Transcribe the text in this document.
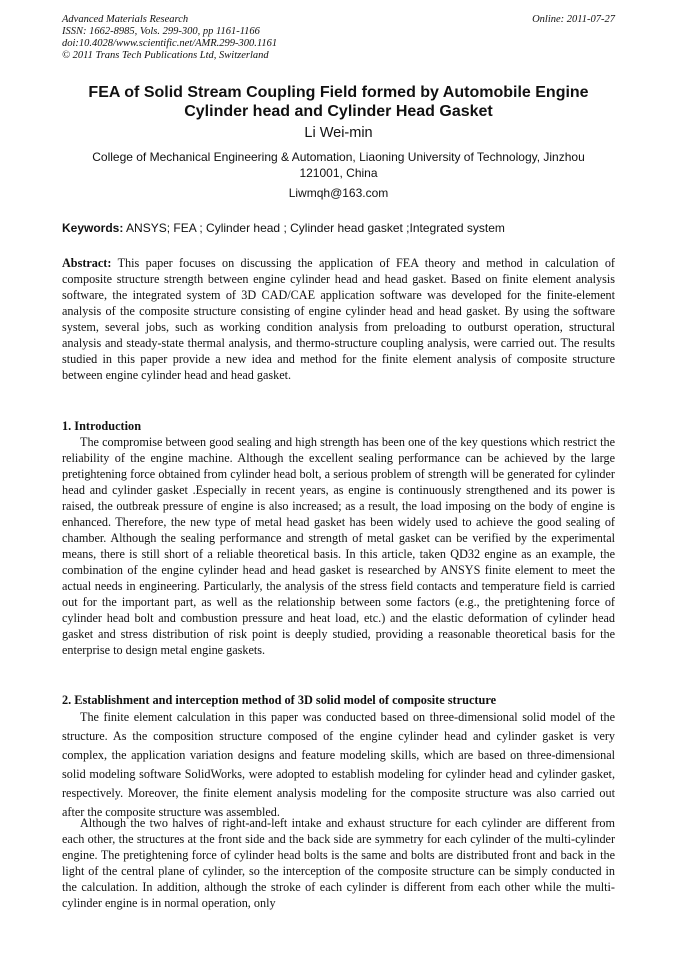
Advanced Materials Research
ISSN: 1662-8985, Vols. 299-300, pp 1161-1166
doi:10.4028/www.scientific.net/AMR.299-300.1161
© 2011 Trans Tech Publications Ltd, Switzerland
Online: 2011-07-27
FEA of Solid Stream Coupling Field formed by Automobile Engine Cylinder head and Cylinder Head Gasket
Li Wei-min
College of Mechanical Engineering & Automation, Liaoning University of Technology, Jinzhou 121001, China
Liwmqh@163.com
Keywords: ANSYS; FEA ; Cylinder head ; Cylinder head gasket ;Integrated system
Abstract: This paper focuses on discussing the application of FEA theory and method in calculation of composite structure strength between engine cylinder head and head gasket. Based on finite element analysis software, the integrated system of 3D CAD/CAE application software was developed for the finite-element analysis of the composite structure consisting of engine cylinder head and head gasket. By using the software system, several jobs, such as working condition analysis from preloading to outburst operation, structural analysis and steady-state thermal analysis, and thermo-structure coupling analysis, were carried out. The results studied in this paper provide a new idea and method for the finite element analysis of composite structure between engine cylinder head and head gasket.
1. Introduction
The compromise between good sealing and high strength has been one of the key questions which restrict the reliability of the engine machine. Although the excellent sealing performance can be achieved by the large pretightening force obtained from cylinder head bolt, a serious problem of strength will be generated for cylinder head and cylinder gasket .Especially in recent years, as engine is continuously strengthened and its power is raised, the outbreak pressure of engine is also increased; as a result, the load imposing on the body of engine is enhanced. Therefore, the new type of metal head gasket has been widely used to achieve the good sealing of chamber. Although the sealing performance and strength of metal gasket can be verified by the experimental means, there is still short of a reliable theoretical basis. In this article, taken QD32 engine as an example, the combination of the engine cylinder head and head gasket is researched by ANSYS finite element to meet the actual needs in engineering. Particularly, the analysis of the stress field contacts and temperature field is carried out for the important part, as well as the relationship between some factors (e.g., the pretightening force of cylinder head bolt and combustion pressure and heat load, etc.) and the elastic deformation of cylinder head gasket and stress distribution of risk point is deeply studied, providing a reasonable theoretical basis for the enterprise to design metal engine gaskets.
2. Establishment and interception method of 3D solid model of composite structure
The finite element calculation in this paper was conducted based on three-dimensional solid model of the structure. As the composition structure composed of the engine cylinder head and cylinder gasket is very complex, the application variation designs and feature modeling skills, which are based on three-dimensional solid modeling software SolidWorks, were adopted to establish modeling for cylinder head and cylinder gasket, respectively. Moreover, the finite element analysis modeling for the composite structure was also carried out after the composite structure was assembled.
Although the two halves of right-and-left intake and exhaust structure for each cylinder are different from each other, the structures at the front side and the back side are symmetry for each cylinder of the multi-cylinder engine. The pretightening force of cylinder head bolts is the same and bolts are distributed front and back in the light of the central plane of cylinder, so the interception of the composite structure can be simply conducted in the calculation. In addition, although the stroke of each cylinder is different from each other while the multi-cylinder engine is in normal operation, only
